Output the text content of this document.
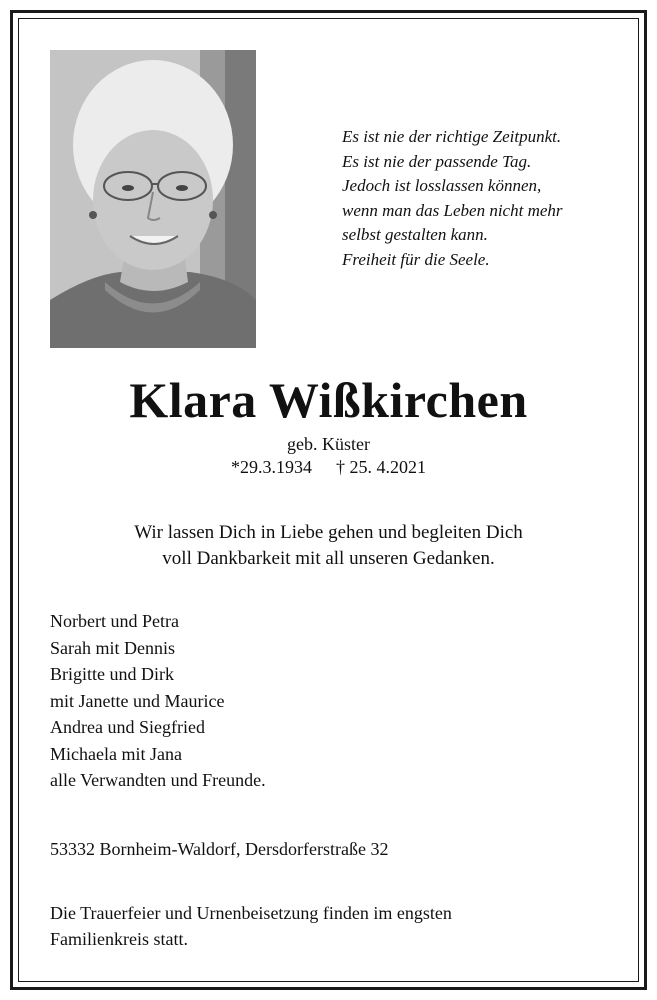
Es ist nie der richtige Zeitpunkt.
Es ist nie der passende Tag.
Jedoch ist losslassen können,
wenn man das Leben nicht mehr
selbst gestalten kann.
Freiheit für die Seele.
Klara Wißkirchen
geb. Küster
*29.3.1934 † 25. 4.2021
Wir lassen Dich in Liebe gehen und begleiten Dich
voll Dankbarkeit mit all unseren Gedanken.
Norbert und Petra
Sarah mit Dennis
Brigitte und Dirk
mit Janette und Maurice
Andrea und Siegfried
Michaela mit Jana
alle Verwandten und Freunde.
53332 Bornheim-Waldorf, Dersdorferstraße 32
Die Trauerfeier und Urnenbeisetzung finden im engsten
Familienkreis statt.
